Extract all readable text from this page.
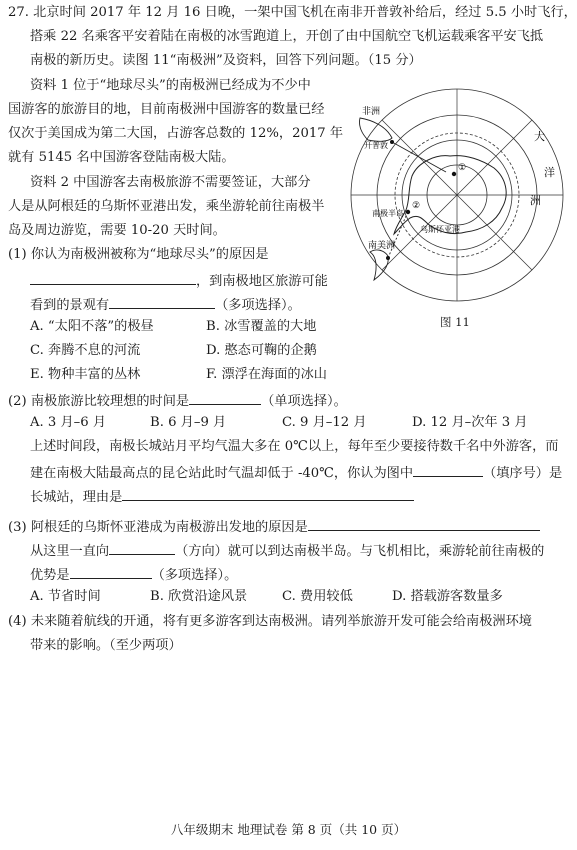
27. 北京时间 2017 年 12 月 16 日晚，一架中国飞机在南非开普敦补给后，经过 5.5 小时飞行，
搭乘 22 名乘客平安着陆在南极的冰雪跑道上，开创了由中国航空飞机运载乘客平安飞抵
南极的新历史。读图 11“南极洲”及资料，回答下列问题。（15 分）
资料 1 位于“地球尽头”的南极洲已经成为不少中
国游客的旅游目的地，目前南极洲中国游客的数量已经
仅次于美国成为第二大国，占游客总数的 12%，2017 年
就有 5145 名中国游客登陆南极大陆。
资料 2 中国游客去南极旅游不需要签证，大部分
人是从阿根廷的乌斯怀亚港出发，乘坐游轮前往南极半
岛及周边游览，需要 10-20 天时间。
(1) 你认为南极洲被称为“地球尽头”的原因是
，到南极地区旅游可能
看到的景观有	（多项选择）。
A. “太阳不落”的极昼	B. 冰雪覆盖的大地
C. 奔腾不息的河流	D. 憨态可鞠的企鹅
E. 物种丰富的丛林	F. 漂浮在海面的冰山
非洲
开普敦
南极半岛
乌斯怀亚港
南美洲
大
洋
洲
①
②
图 11
(2) 南极旅游比较理想的时间是	（单项选择）。
A. 3 月–6 月	B. 6 月–9 月	C. 9 月–12 月	D. 12 月–次年 3 月
上述时间段，南极长城站月平均气温大多在 0℃以上，每年至少要接待数千名中外游客，而
建在南极大陆最高点的昆仑站此时气温却低于 -40℃，你认为图中	（填序号）是
长城站，理由是
(3) 阿根廷的乌斯怀亚港成为南极游出发地的原因是
从这里一直向	（方向）就可以到达南极半岛。与飞机相比，乘游轮前往南极的
优势是	（多项选择）。
A. 节省时间	B. 欣赏沿途风景	C. 费用较低	D. 搭载游客数量多
(4) 未来随着航线的开通，将有更多游客到达南极洲。请列举旅游开发可能会给南极洲环境
带来的影响。（至少两项）
八年级期末 地理试卷 第 8 页（共 10 页）
